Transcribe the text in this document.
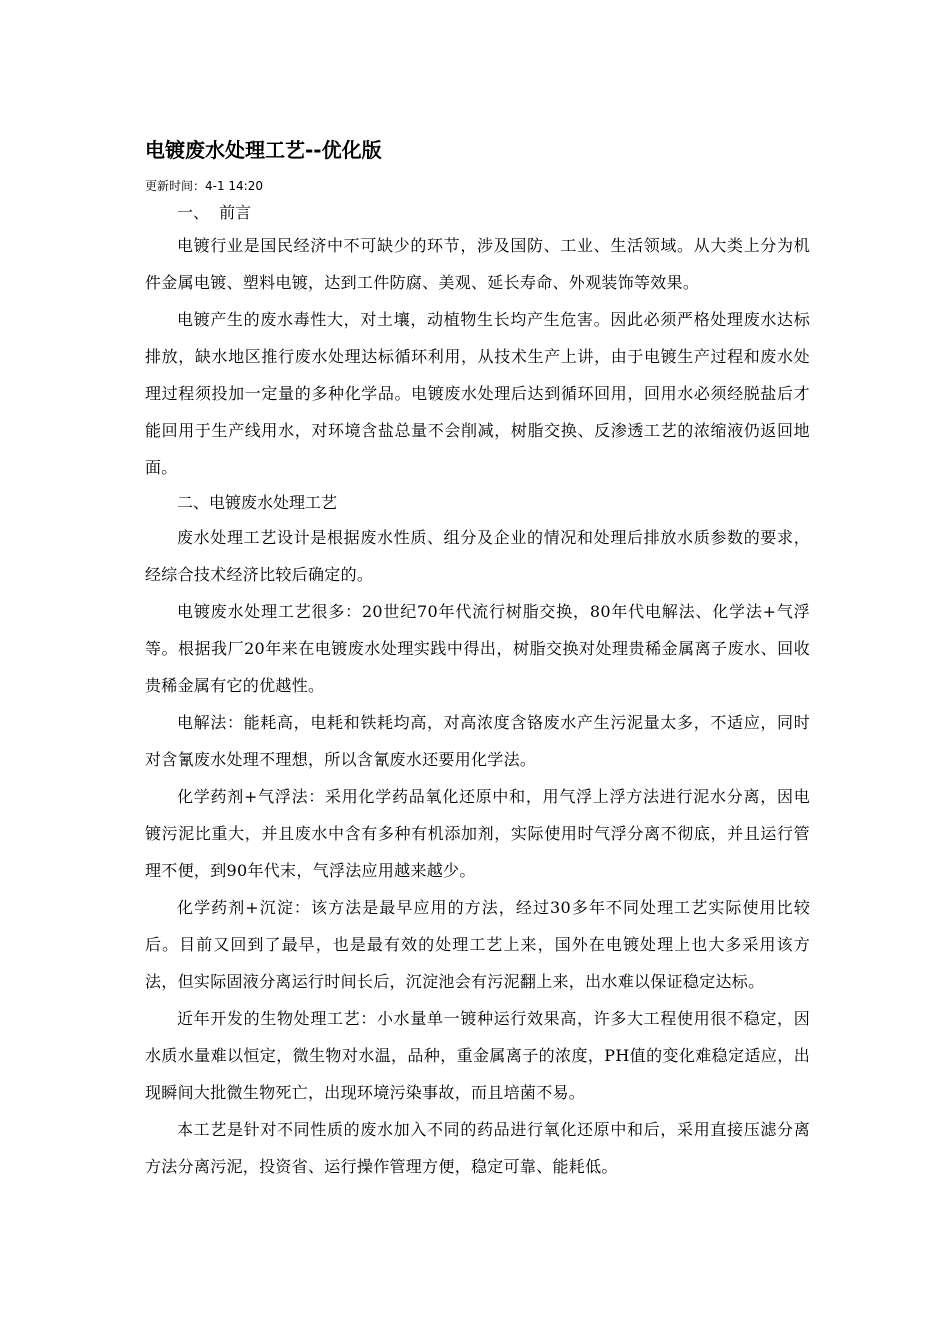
电镀废水处理工艺--优化版
更新时间：4-1 14:20

一、  前言

电镀行业是国民经济中不可缺少的环节，涉及国防、工业、生活领域。从大类上分为机件金属电镀、塑料电镀，达到工件防腐、美观、延长寿命、外观装饰等效果。

电镀产生的废水毒性大，对土壤，动植物生长均产生危害。因此必须严格处理废水达标排放，缺水地区推行废水处理达标循环利用，从技术生产上讲，由于电镀生产过程和废水处理过程须投加一定量的多种化学品。电镀废水处理后达到循环回用，回用水必须经脱盐后才能回用于生产线用水，对环境含盐总量不会削减，树脂交换、反渗透工艺的浓缩液仍返回地面。

二、电镀废水处理工艺

废水处理工艺设计是根据废水性质、组分及企业的情况和处理后排放水质参数的要求，经综合技术经济比较后确定的。

电镀废水处理工艺很多：20世纪70年代流行树脂交换，80年代电解法、化学法+气浮等。根据我厂20年来在电镀废水处理实践中得出，树脂交换对处理贵稀金属离子废水、回收贵稀金属有它的优越性。

电解法：能耗高，电耗和铁耗均高，对高浓度含铬废水产生污泥量太多，不适应，同时对含氰废水处理不理想，所以含氰废水还要用化学法。

化学药剂+气浮法：采用化学药品氧化还原中和，用气浮上浮方法进行泥水分离，因电镀污泥比重大，并且废水中含有多种有机添加剂，实际使用时气浮分离不彻底，并且运行管理不便，到90年代末，气浮法应用越来越少。

化学药剂+沉淀：该方法是最早应用的方法，经过30多年不同处理工艺实际使用比较后。目前又回到了最早，也是最有效的处理工艺上来，国外在电镀处理上也大多采用该方法，但实际固液分离运行时间长后，沉淀池会有污泥翻上来，出水难以保证稳定达标。

近年开发的生物处理工艺：小水量单一镀种运行效果高，许多大工程使用很不稳定，因水质水量难以恒定，微生物对水温，品种，重金属离子的浓度，PH值的变化难稳定适应，出现瞬间大批微生物死亡，出现环境污染事故，而且培菌不易。

本工艺是针对不同性质的废水加入不同的药品进行氧化还原中和后，采用直接压滤分离方法分离污泥，投资省、运行操作管理方便，稳定可靠、能耗低。
